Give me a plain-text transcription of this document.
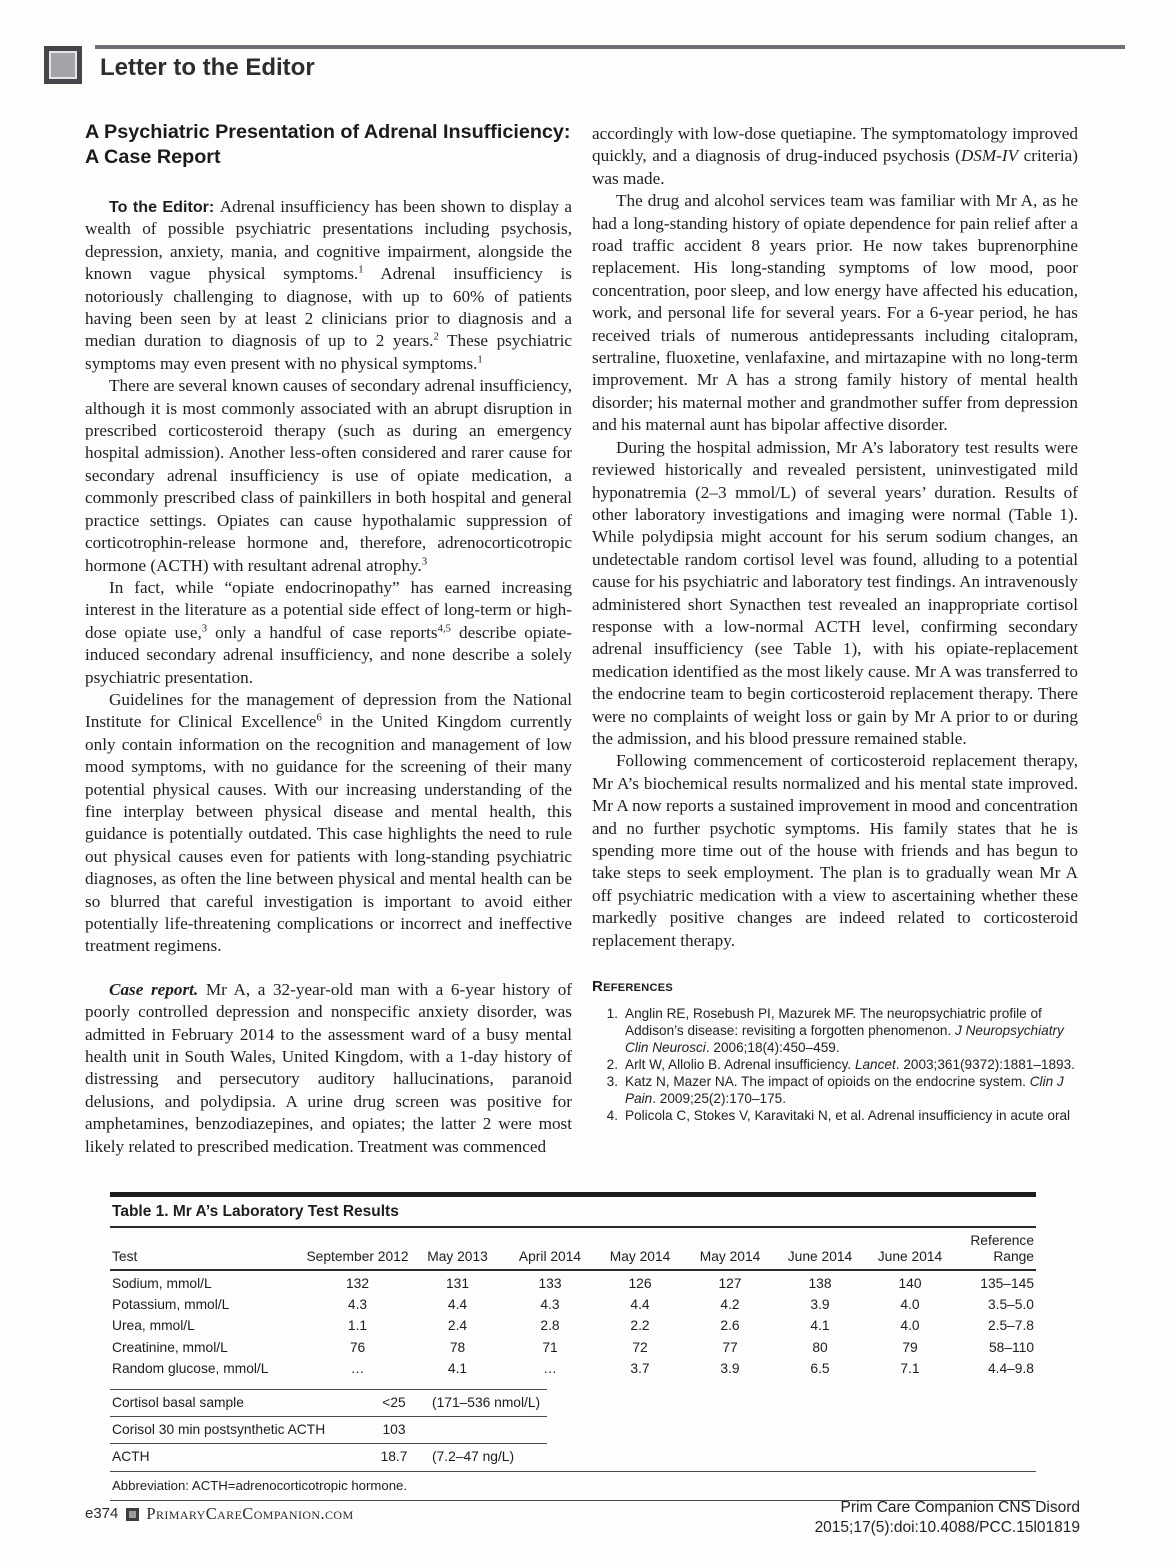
Letter to the Editor
A Psychiatric Presentation of Adrenal Insufficiency:
A Case Report

To the Editor: Adrenal insufficiency has been shown to display a wealth of possible psychiatric presentations including psychosis, depression, anxiety, mania, and cognitive impairment, alongside the known vague physical symptoms.$^1$ Adrenal insufficiency is notoriously challenging to diagnose, with up to 60% of patients having been seen by at least 2 clinicians prior to diagnosis and a median duration to diagnosis of up to 2 years.$^2$ These psychiatric symptoms may even present with no physical symptoms.$^1$

There are several known causes of secondary adrenal insufficiency, although it is most commonly associated with an abrupt disruption in prescribed corticosteroid therapy (such as during an emergency hospital admission). Another less-often considered and rarer cause for secondary adrenal insufficiency is use of opiate medication, a commonly prescribed class of painkillers in both hospital and general practice settings. Opiates can cause hypothalamic suppression of corticotrophin-release hormone and, therefore, adrenocorticotropic hormone (ACTH) with resultant adrenal atrophy.$^3$

In fact, while “opiate endocrinopathy” has earned increasing interest in the literature as a potential side effect of long-term or high-dose opiate use,$^3$ only a handful of case reports$^{4,5}$ describe opiate-induced secondary adrenal insufficiency, and none describe a solely psychiatric presentation.

Guidelines for the management of depression from the National Institute for Clinical Excellence$^6$ in the United Kingdom currently only contain information on the recognition and management of low mood symptoms, with no guidance for the screening of their many potential physical causes. With our increasing understanding of the fine interplay between physical disease and mental health, this guidance is potentially outdated. This case highlights the need to rule out physical causes even for patients with long-standing psychiatric diagnoses, as often the line between physical and mental health can be so blurred that careful investigation is important to avoid either potentially life-threatening complications or incorrect and ineffective treatment regimens.

Case report. Mr A, a 32-year-old man with a 6-year history of poorly controlled depression and nonspecific anxiety disorder, was admitted in February 2014 to the assessment ward of a busy mental health unit in South Wales, United Kingdom, with a 1-day history of distressing and persecutory auditory hallucinations, paranoid delusions, and polydipsia. A urine drug screen was positive for amphetamines, benzodiazepines, and opiates; the latter 2 were most likely related to prescribed medication. Treatment was commenced

accordingly with low-dose quetiapine. The symptomatology improved quickly, and a diagnosis of drug-induced psychosis (DSM-IV criteria) was made.

The drug and alcohol services team was familiar with Mr A, as he had a long-standing history of opiate dependence for pain relief after a road traffic accident 8 years prior. He now takes buprenorphine replacement. His long-standing symptoms of low mood, poor concentration, poor sleep, and low energy have affected his education, work, and personal life for several years. For a 6-year period, he has received trials of numerous antidepressants including citalopram, sertraline, fluoxetine, venlafaxine, and mirtazapine with no long-term improvement. Mr A has a strong family history of mental health disorder; his maternal mother and grandmother suffer from depression and his maternal aunt has bipolar affective disorder.

During the hospital admission, Mr A’s laboratory test results were reviewed historically and revealed persistent, uninvestigated mild hyponatremia (2–3 mmol/L) of several years’ duration. Results of other laboratory investigations and imaging were normal (Table 1). While polydipsia might account for his serum sodium changes, an undetectable random cortisol level was found, alluding to a potential cause for his psychiatric and laboratory test findings. An intravenously administered short Synacthen test revealed an inappropriate cortisol response with a low-normal ACTH level, confirming secondary adrenal insufficiency (see Table 1), with his opiate-replacement medication identified as the most likely cause. Mr A was transferred to the endocrine team to begin corticosteroid replacement therapy. There were no complaints of weight loss or gain by Mr A prior to or during the admission, and his blood pressure remained stable.

Following commencement of corticosteroid replacement therapy, Mr A’s biochemical results normalized and his mental state improved. Mr A now reports a sustained improvement in mood and concentration and no further psychotic symptoms. His family states that he is spending more time out of the house with friends and has begun to take steps to seek employment. The plan is to gradually wean Mr A off psychiatric medication with a view to ascertaining whether these markedly positive changes are indeed related to corticosteroid replacement therapy.

References
1. Anglin RE, Rosebush PI, Mazurek MF. The neuropsychiatric profile of Addison’s disease: revisiting a forgotten phenomenon. J Neuropsychiatry Clin Neurosci. 2006;18(4):450–459.
2. Arlt W, Allolio B. Adrenal insufficiency. Lancet. 2003;361(9372):1881–1893.
3. Katz N, Mazer NA. The impact of opioids on the endocrine system. Clin J Pain. 2009;25(2):170–175.
4. Policola C, Stokes V, Karavitaki N, et al. Adrenal insufficiency in acute oral
Table 1. Mr A’s Laboratory Test Results
Test	September 2012	May 2013	April 2014	May 2014	May 2014	June 2014	June 2014
Reference
Range
Sodium, mmol/L	132	131	133	126	127	138	140	135–145
Potassium, mmol/L	4.3	4.4	4.3	4.4	4.2	3.9	4.0	3.5–5.0
Urea, mmol/L	1.1	2.4	2.8	2.2	2.6	4.1	4.0	2.5–7.8
Creatinine, mmol/L	76	78	71	72	77	80	79	58–110
Random glucose, mmol/L	…	4.1	…	3.7	3.9	6.5	7.1	4.4–9.8
Cortisol basal sample	<25	(171–536 nmol/L)
Corisol 30 min postsynthetic ACTH	103
ACTH	18.7	(7.2–47 ng/L)
Abbreviation: ACTH=adrenocorticotropic hormone.
e374 PrimaryCareCompanion.com	Prim Care Companion CNS Disord
2015;17(5):doi:10.4088/PCC.15l01819
